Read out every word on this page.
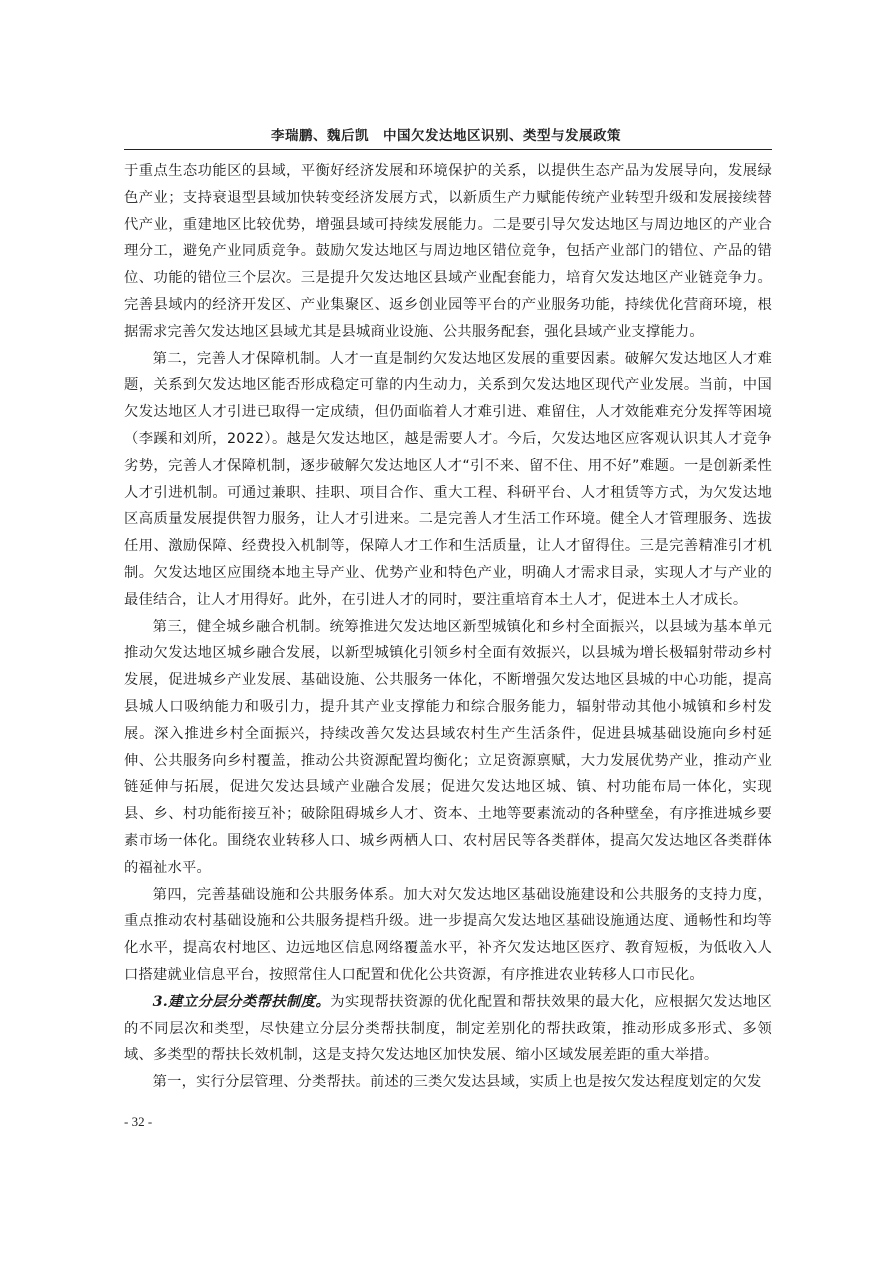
李瑞鹏、魏后凯　中国欠发达地区识别、类型与发展政策

于重点生态功能区的县域，平衡好经济发展和环境保护的关系，以提供生态产品为发展导向，发展绿色产业；支持衰退型县域加快转变经济发展方式，以新质生产力赋能传统产业转型升级和发展接续替代产业，重建地区比较优势，增强县域可持续发展能力。二是要引导欠发达地区与周边地区的产业合理分工，避免产业同质竞争。鼓励欠发达地区与周边地区错位竞争，包括产业部门的错位、产品的错位、功能的错位三个层次。三是提升欠发达地区县域产业配套能力，培育欠发达地区产业链竞争力。完善县域内的经济开发区、产业集聚区、返乡创业园等平台的产业服务功能，持续优化营商环境，根据需求完善欠发达地区县域尤其是县城商业设施、公共服务配套，强化县域产业支撑能力。

第二，完善人才保障机制。人才一直是制约欠发达地区发展的重要因素。破解欠发达地区人才难题，关系到欠发达地区能否形成稳定可靠的内生动力，关系到欠发达地区现代产业发展。当前，中国欠发达地区人才引进已取得一定成绩，但仍面临着人才难引进、难留住，人才效能难充分发挥等困境（李蹊和刘所，2022）。越是欠发达地区，越是需要人才。今后，欠发达地区应客观认识其人才竞争劣势，完善人才保障机制，逐步破解欠发达地区人才“引不来、留不住、用不好”难题。一是创新柔性人才引进机制。可通过兼职、挂职、项目合作、重大工程、科研平台、人才租赁等方式，为欠发达地区高质量发展提供智力服务，让人才引进来。二是完善人才生活工作环境。健全人才管理服务、选拔任用、激励保障、经费投入机制等，保障人才工作和生活质量，让人才留得住。三是完善精准引才机制。欠发达地区应围绕本地主导产业、优势产业和特色产业，明确人才需求目录，实现人才与产业的最佳结合，让人才用得好。此外，在引进人才的同时，要注重培育本土人才，促进本土人才成长。

第三，健全城乡融合机制。统筹推进欠发达地区新型城镇化和乡村全面振兴，以县域为基本单元推动欠发达地区城乡融合发展，以新型城镇化引领乡村全面有效振兴，以县城为增长极辐射带动乡村发展，促进城乡产业发展、基础设施、公共服务一体化，不断增强欠发达地区县城的中心功能，提高县城人口吸纳能力和吸引力，提升其产业支撑能力和综合服务能力，辐射带动其他小城镇和乡村发展。深入推进乡村全面振兴，持续改善欠发达县域农村生产生活条件，促进县城基础设施向乡村延伸、公共服务向乡村覆盖，推动公共资源配置均衡化；立足资源禀赋，大力发展优势产业，推动产业链延伸与拓展，促进欠发达县域产业融合发展；促进欠发达地区城、镇、村功能布局一体化，实现县、乡、村功能衔接互补；破除阻碍城乡人才、资本、土地等要素流动的各种壁垒，有序推进城乡要素市场一体化。围绕农业转移人口、城乡两栖人口、农村居民等各类群体，提高欠发达地区各类群体的福祉水平。

第四，完善基础设施和公共服务体系。加大对欠发达地区基础设施建设和公共服务的支持力度，重点推动农村基础设施和公共服务提档升级。进一步提高欠发达地区基础设施通达度、通畅性和均等化水平，提高农村地区、边远地区信息网络覆盖水平，补齐欠发达地区医疗、教育短板，为低收入人口搭建就业信息平台，按照常住人口配置和优化公共资源，有序推进农业转移人口市民化。

3.建立分层分类帮扶制度。为实现帮扶资源的优化配置和帮扶效果的最大化，应根据欠发达地区的不同层次和类型，尽快建立分层分类帮扶制度，制定差别化的帮扶政策，推动形成多形式、多领域、多类型的帮扶长效机制，这是支持欠发达地区加快发展、缩小区域发展差距的重大举措。

第一，实行分层管理、分类帮扶。前述的三类欠发达县域，实质上也是按欠发达程度划定的欠发

- 32 -
